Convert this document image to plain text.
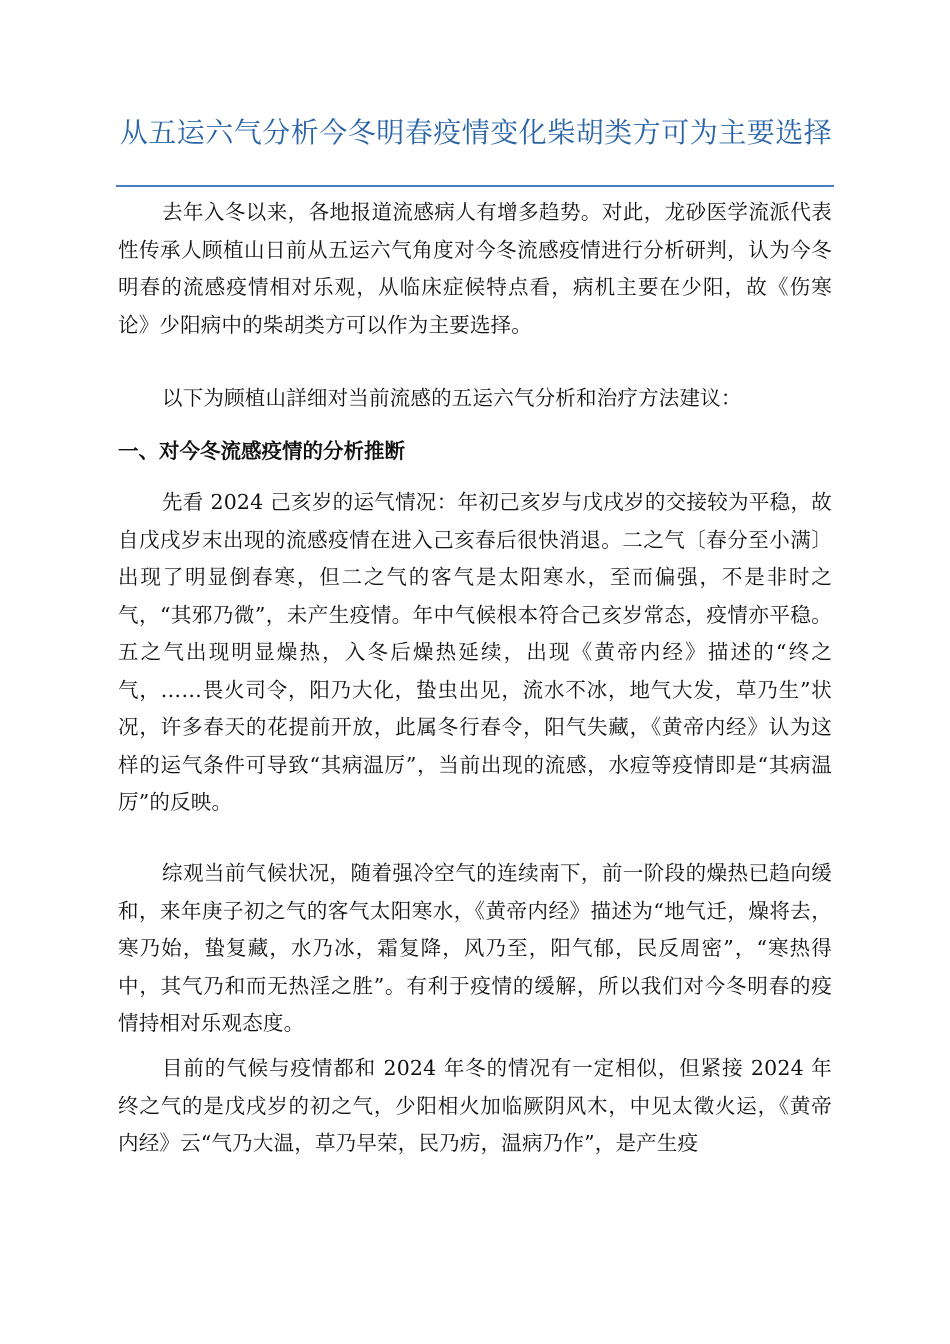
从五运六气分析今冬明春疫情变化柴胡类方可为主要选择

去年入冬以来，各地报道流感病人有增多趋势。对此，龙砂医学流派代表性传承人顾植山日前从五运六气角度对今冬流感疫情进行分析研判，认为今冬明春的流感疫情相对乐观，从临床症候特点看，病机主要在少阳，故《伤寒论》少阳病中的柴胡类方可以作为主要选择。

以下为顾植山詳细对当前流感的五运六气分析和治疗方法建议：

一、对今冬流感疫情的分析推断

先看 2024 己亥岁的运气情况：年初己亥岁与戊戌岁的交接较为平稳，故自戊戌岁末出现的流感疫情在进入己亥春后很快消退。二之气〔春分至小满〕出现了明显倒春寒，但二之气的客气是太阳寒水，至而偏强，不是非时之气，“其邪乃微”，未产生疫情。年中气候根本符合己亥岁常态，疫情亦平稳。五之气出现明显燥热，入冬后燥热延续，出现《黄帝内经》描述的“终之气，……畏火司令，阳乃大化，蛰虫出见，流水不冰，地气大发，草乃生”状况，许多春天的花提前开放，此属冬行春令，阳气失藏，《黄帝内经》认为这样的运气条件可导致“其病温厉”，当前出现的流感，水痘等疫情即是“其病温厉”的反映。

综观当前气候状况，随着强冷空气的连续南下，前一阶段的燥热已趋向缓和，来年庚子初之气的客气太阳寒水，《黄帝内经》描述为“地气迁，燥将去，寒乃始，蛰复藏，水乃冰，霜复降，风乃至，阳气郁，民反周密”，“寒热得中，其气乃和而无热淫之胜”。有利于疫情的缓解，所以我们对今冬明春的疫情持相对乐观态度。

目前的气候与疫情都和 2024 年冬的情况有一定相似，但紧接 2024 年终之气的是戊戌岁的初之气，少阳相火加临厥阴风木，中见太徵火运，《黄帝内经》云“气乃大温，草乃早荣，民乃疠，温病乃作”，是产生疫
